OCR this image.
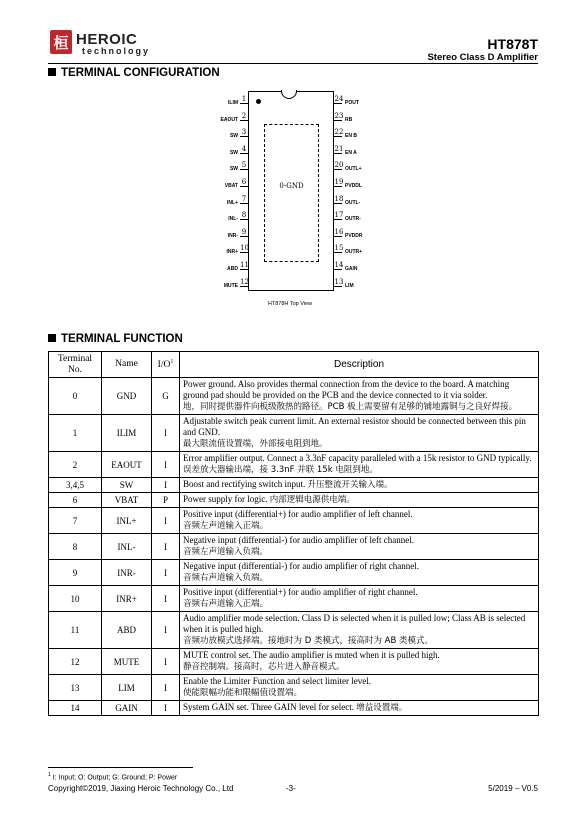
桓 HEROIC
technology	HT878T
Stereo Class D Amplifier
TERMINAL CONFIGURATION
0-GND
1
ILIM
2
EAOUT
3
SW
4
SW
5
SW
6
VBAT
7
INL+
8
INL-
9
INR-
10
INR+
11
ABD
12
MUTE
24 POUT
23 RB
22 EN B
21 EN A
20 OUTL+
19 PVDDL
18 OUTL-
17 OUTR-
16 PVDDR
15 OUTR+
14 GAIN
13 LIM
HT878H Top View
TERMINAL FUNCTION
Terminal No.	Name	$I/O^1$	Description
0	GND	G	Power ground. Also provides thermal connection from the device to the board. A matching ground pad should be provided on the PCB and the device connected to it via solder.
地，同时提供器件向板级散热的路径。PCB 板上需要留有足够的铺地露铜与之良好焊接。
1	ILIM	I	Adjustable switch peak current limit. An external resistor should be connected between this pin and GND.
最大限流值设置端，外部接电阻到地。
2	EAOUT	I	Error amplifier output. Connect a 3.3nF capacity paralleled with a 15k resistor to GND typically.
误差放大器输出端，接 3.3nF 并联 15k 电阻到地。
3,4,5	SW	I	Boost and rectifying switch input. 升压整流开关输入端。
6	VBAT	P	Power supply for logic. 内部逻辑电源供电端。
7	INL+	I	Positive input (differential+) for audio amplifier of left channel.
音频左声道输入正端。
8	INL-	I	Negative input (differential-) for audio amplifier of left channel.
音频左声道输入负端。
9	INR-	I	Negative input (differential-) for audio amplifier of right channel.
音频右声道输入负端。
10	INR+	I	Positive input (differential+) for audio amplifier of right channel.
音频右声道输入正端。
11	ABD	I	Audio amplifier mode selection. Class D is selected when it is pulled low; Class AB is selected when it is pulled high.
音频功放模式选择端。接地时为 D 类模式，接高时为 AB 类模式。
12	MUTE	I	MUTE control set. The audio amplifier is muted when it is pulled high.
静音控制端。接高时，芯片进入静音模式。
13	LIM	I	Enable the Limiter Function and select limiter level.
使能限幅功能和限幅值设置端。
14	GAIN	I	System GAIN set. Three GAIN level for select. 增益设置端。
$^1$ I: Input; O: Output; G: Ground; P: Power
Copyright©2019, Jiaxing Heroic Technology Co., Ltd	-3-	5/2019 – V0.5
